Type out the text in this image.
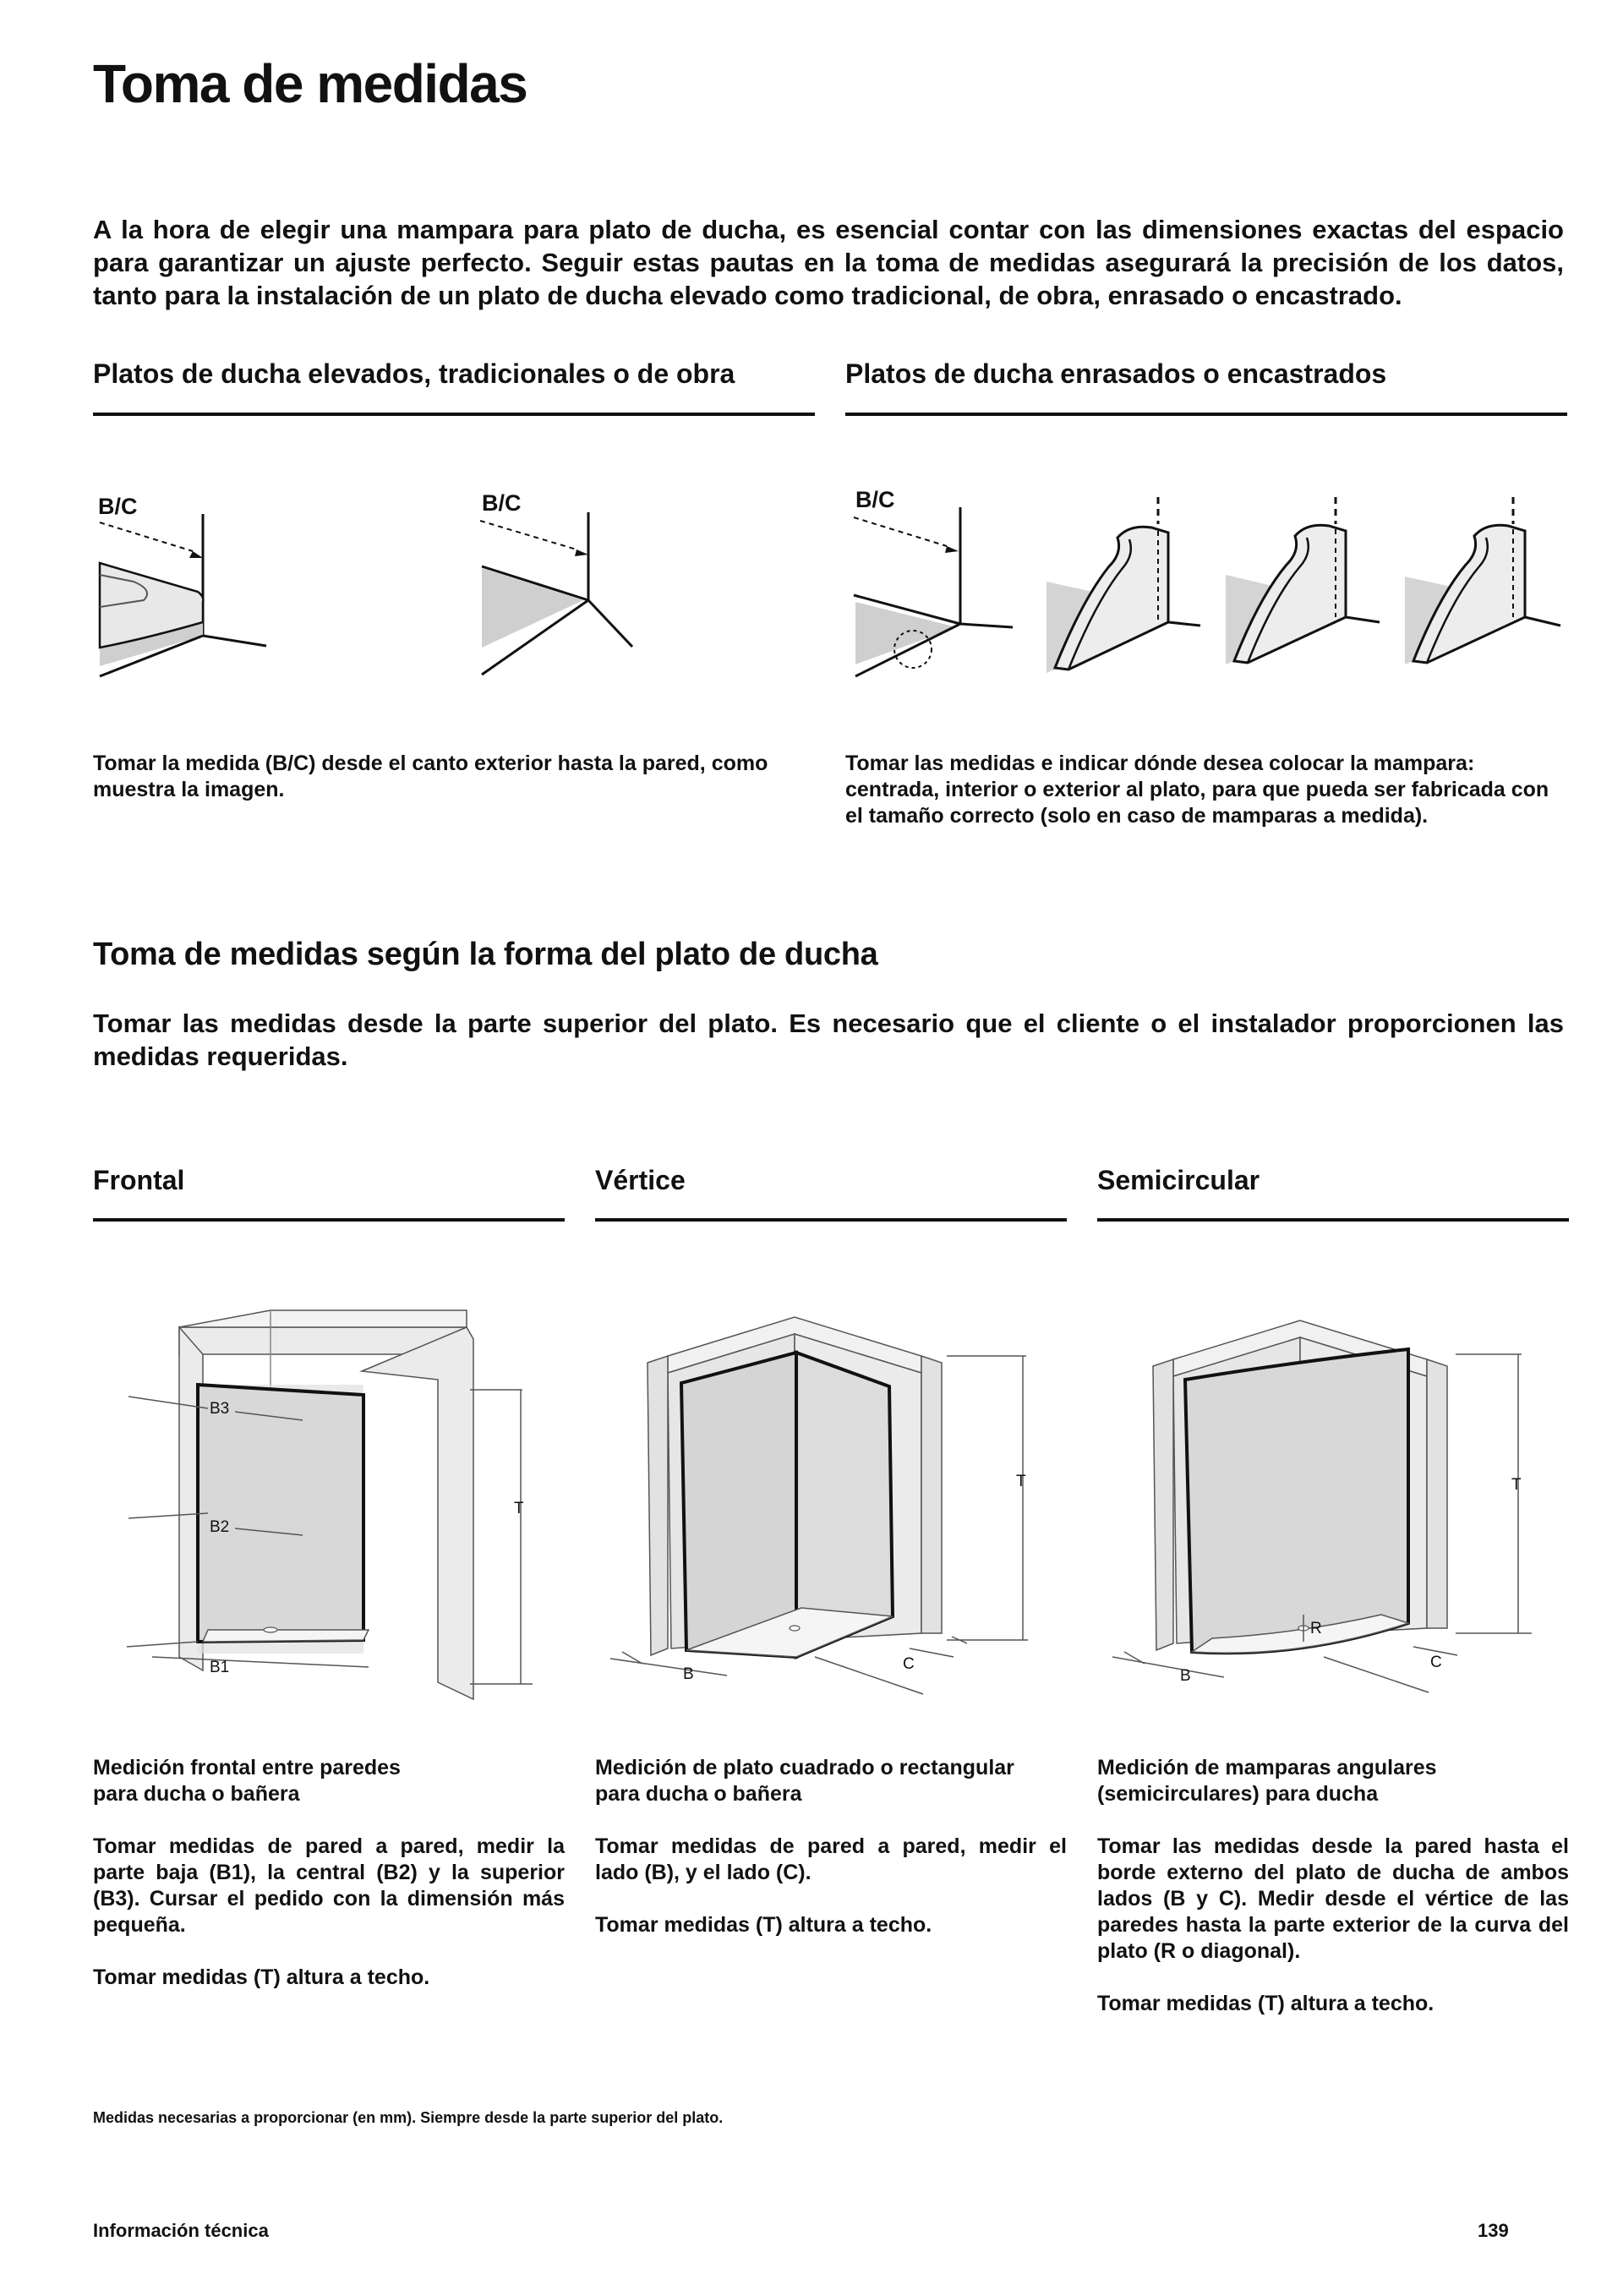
Toma de medidas

A la hora de elegir una mampara para plato de ducha, es esencial contar con las dimensiones exactas del espacio para garantizar un ajuste perfecto. Seguir estas pautas en la toma de medidas asegurará la precisión de los datos, tanto para la instalación de un plato de ducha elevado como tradicional, de obra, enrasado o encastrado.

Platos de ducha elevados, tradicionales o de obra	Platos de ducha enrasados o encastrados
B/C	B/C	B/C

Tomar la medida (B/C) desde el canto exterior hasta la pared, como muestra la imagen.

Tomar las medidas e indicar dónde desea colocar la mampara: centrada, interior o exterior al plato, para que pueda ser fabricada con el tamaño correcto (solo en caso de mamparas a medida).

Toma de medidas según la forma del plato de ducha

Tomar las medidas desde la parte superior del plato. Es necesario que el cliente o el instalador proporcionen las medidas requeridas.

Frontal	Vértice	Semicircular
B3
B2
B1
T
B
C
T
R
B
C
T

Medición frontal entre paredes para ducha o bañera

Tomar medidas de pared a pared, medir la parte baja (B1), la central (B2) y la superior (B3). Cursar el pedido con la dimensión más pequeña.

Tomar medidas (T) altura a techo.

Medición de plato cuadrado o rectangular para ducha o bañera

Tomar medidas de pared a pared, medir el lado (B), y el lado (C).

Tomar medidas (T) altura a techo.

Medición de mamparas angulares (semicirculares) para ducha

Tomar las medidas desde la pared hasta el borde externo del plato de ducha de ambos lados (B y C). Medir desde el vértice de las paredes hasta la parte exterior de la curva del plato (R o diagonal).

Tomar medidas (T) altura a techo.

Medidas necesarias a proporcionar (en mm). Siempre desde la parte superior del plato.

Información técnica	139
